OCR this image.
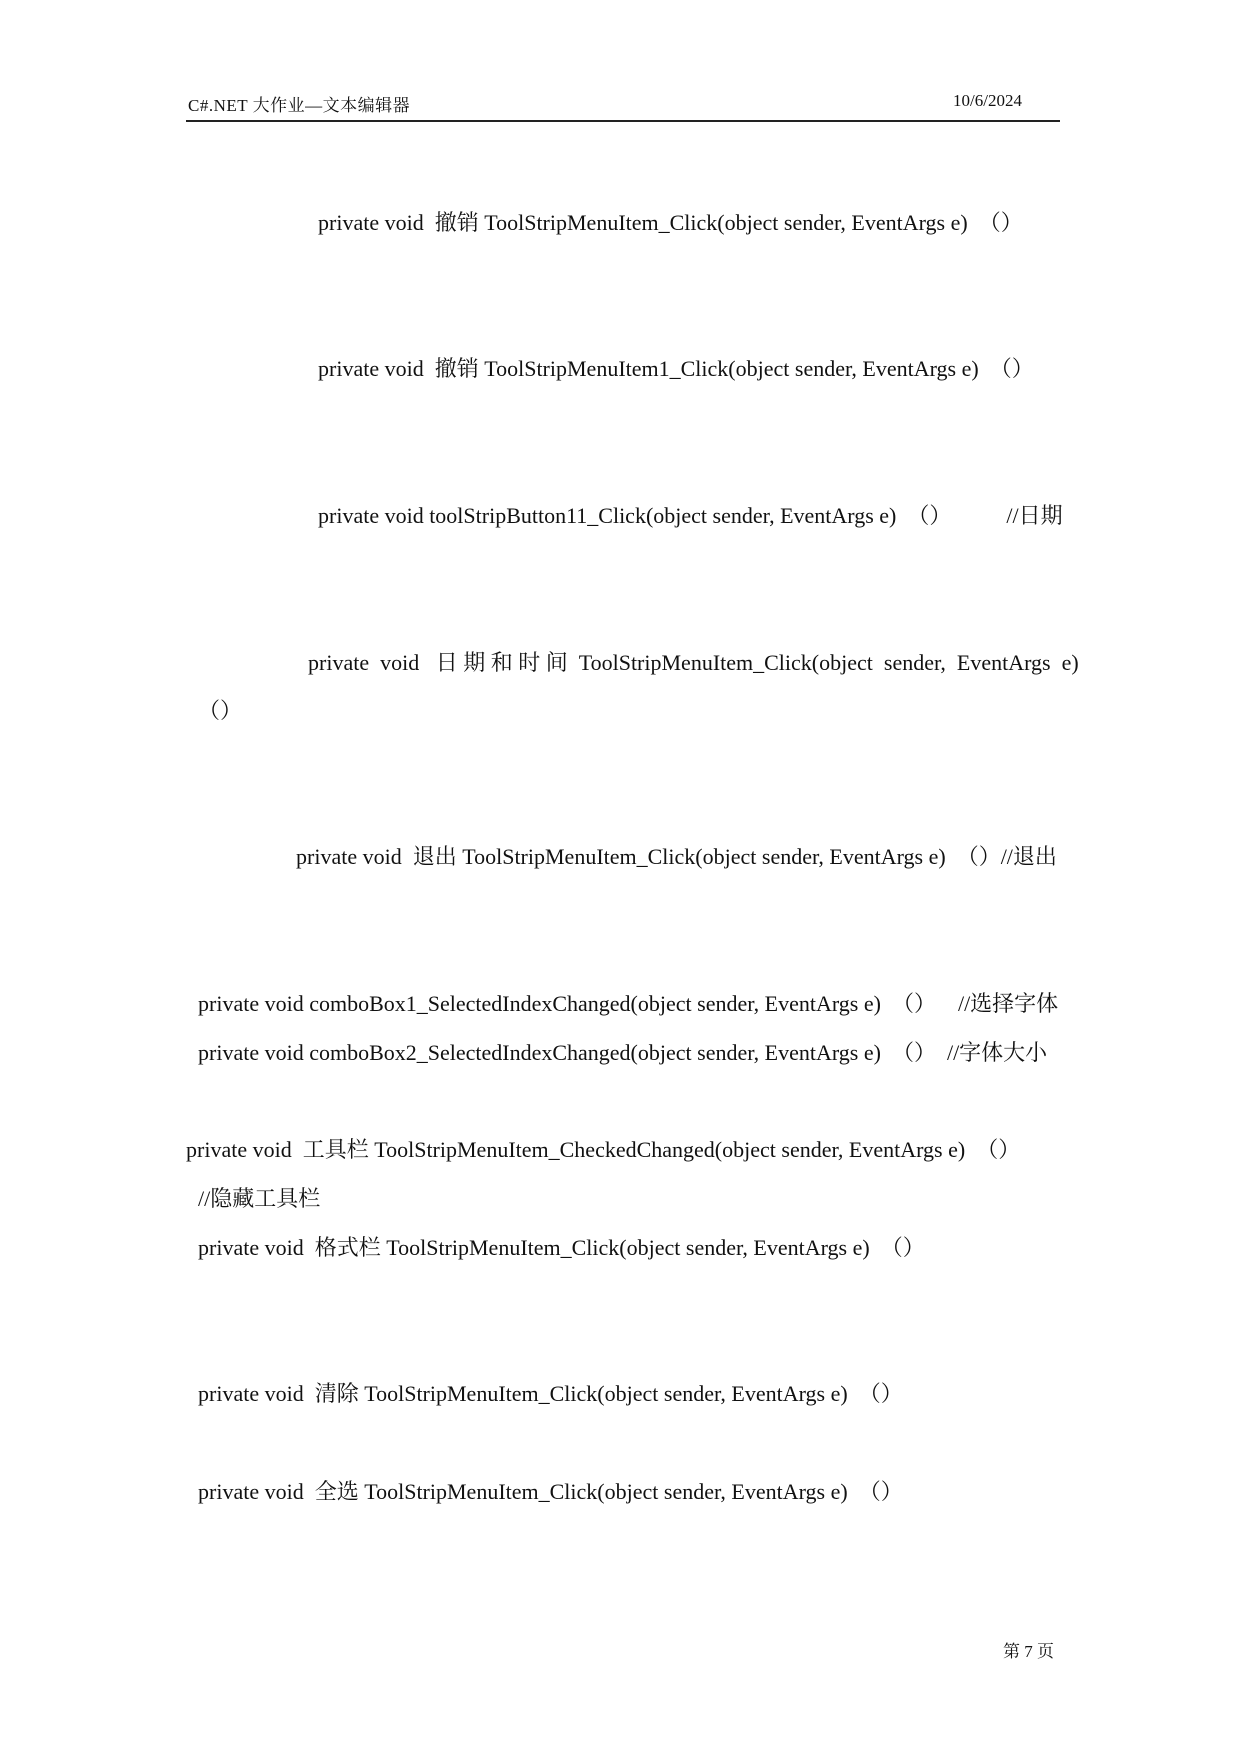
C#.NET 大作业—文本编辑器	10/6/2024
private void  撤销 ToolStripMenuItem_Click(object sender, EventArgs e)  （）
private void  撤销 ToolStripMenuItem1_Click(object sender, EventArgs e)  （）
private void toolStripButton11_Click(object sender, EventArgs e)  （）          //日期
private  void   日 期 和 时 间  ToolStripMenuItem_Click(object  sender,  EventArgs  e)
（）
private void  退出 ToolStripMenuItem_Click(object sender, EventArgs e)  （）//退出
private void comboBox1_SelectedIndexChanged(object sender, EventArgs e)  （）    //选择字体
private void comboBox2_SelectedIndexChanged(object sender, EventArgs e)  （）  //字体大小
private void  工具栏 ToolStripMenuItem_CheckedChanged(object sender, EventArgs e)  （）
//隐藏工具栏
private void  格式栏 ToolStripMenuItem_Click(object sender, EventArgs e)  （）
private void  清除 ToolStripMenuItem_Click(object sender, EventArgs e)  （）
private void  全选 ToolStripMenuItem_Click(object sender, EventArgs e)  （）
第 7 页
